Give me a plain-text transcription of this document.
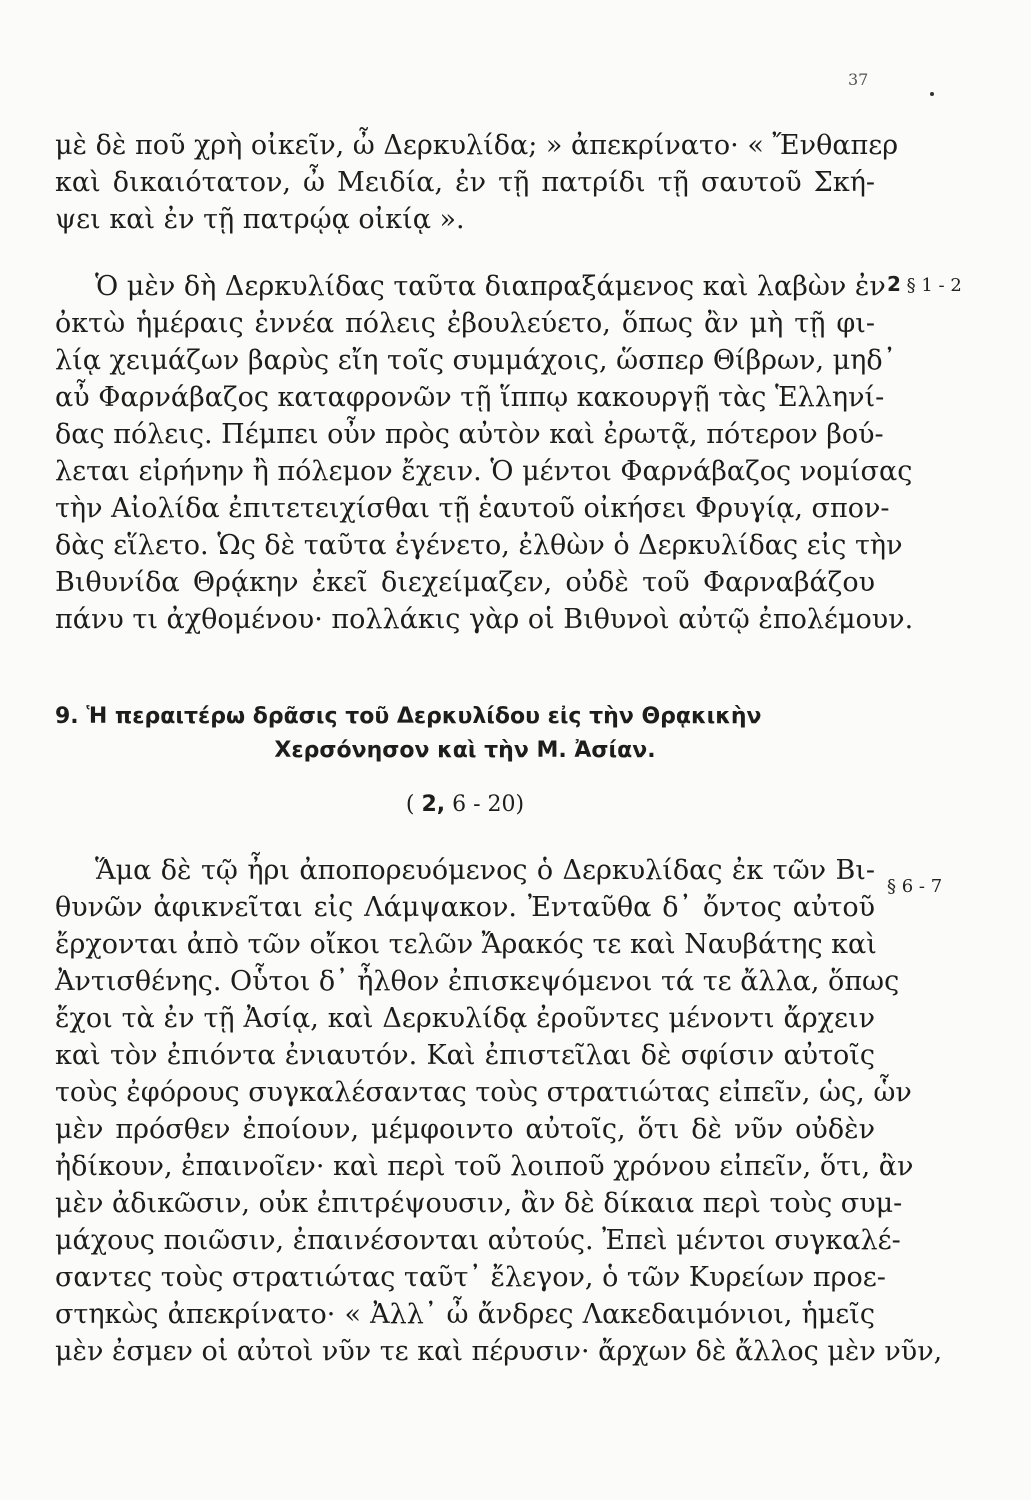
37
μὲ δὲ ποῦ χρὴ οἰκεῖν, ὦ Δερκυλίδα; » ἀπεκρίνατο· « Ἔνθαπερ
καὶ δικαιότατον, ὦ Μειδία, ἐν τῇ πατρίδι τῇ σαυτοῦ Σκή-
ψει καὶ ἐν τῇ πατρῴᾳ οἰκίᾳ ».
Ὁ μὲν δὴ Δερκυλίδας ταῦτα διαπραξάμενος καὶ λαβὼν ἐν
ὀκτὼ ἡμέραις ἐννέα πόλεις ἐβουλεύετο, ὅπως ἂν μὴ τῇ φι-
λίᾳ χειμάζων βαρὺς εἴη τοῖς συμμάχοις, ὥσπερ Θίβρων, μηδ᾽
αὖ Φαρνάβαζος καταφρονῶν τῇ ἵππῳ κακουργῇ τὰς Ἑλληνί-
δας πόλεις. Πέμπει οὖν πρὸς αὐτὸν καὶ ἐρωτᾷ, πότερον βού-
λεται εἰρήνην ἢ πόλεμον ἔχειν. Ὁ μέντοι Φαρνάβαζος νομίσας
τὴν Αἰολίδα ἐπιτετειχίσθαι τῇ ἑαυτοῦ οἰκήσει Φρυγίᾳ, σπον-
δὰς εἵλετο. Ὡς δὲ ταῦτα ἐγένετο, ἐλθὼν ὁ Δερκυλίδας εἰς τὴν
Βιθυνίδα Θρᾴκην ἐκεῖ διεχείμαζεν, οὐδὲ τοῦ Φαρναβάζου
πάνυ τι ἀχθομένου· πολλάκις γὰρ οἱ Βιθυνοὶ αὐτῷ ἐπολέμουν.
2 § 1 - 2
9. Ἡ περαιτέρω δρᾶσις τοῦ Δερκυλίδου εἰς τὴν Θρᾳκικὴν
Χερσόνησον καὶ τὴν Μ. Ἀσίαν.
( 2, 6 - 20)
Ἅμα δὲ τῷ ἦρι ἀποπορευόμενος ὁ Δερκυλίδας ἐκ τῶν Βι-
θυνῶν ἀφικνεῖται εἰς Λάμψακον. Ἐνταῦθα δ᾽ ὄντος αὐτοῦ
ἔρχονται ἀπὸ τῶν οἴκοι τελῶν Ἄρακός τε καὶ Ναυβάτης καὶ
Ἀντισθένης. Οὗτοι δ᾽ ἦλθον ἐπισκεψόμενοι τά τε ἄλλα, ὅπως
ἔχοι τὰ ἐν τῇ Ἀσίᾳ, καὶ Δερκυλίδᾳ ἐροῦντες μένοντι ἄρχειν
καὶ τὸν ἐπιόντα ἐνιαυτόν. Καὶ ἐπιστεῖλαι δὲ σφίσιν αὐτοῖς
τοὺς ἐφόρους συγκαλέσαντας τοὺς στρατιώτας εἰπεῖν, ὡς, ὧν
μὲν πρόσθεν ἐποίουν, μέμφοιντο αὐτοῖς, ὅτι δὲ νῦν οὐδὲν
ἠδίκουν, ἐπαινοῖεν· καὶ περὶ τοῦ λοιποῦ χρόνου εἰπεῖν, ὅτι, ἂν
μὲν ἀδικῶσιν, οὐκ ἐπιτρέψουσιν, ἂν δὲ δίκαια περὶ τοὺς συμ-
μάχους ποιῶσιν, ἐπαινέσονται αὐτούς. Ἐπεὶ μέντοι συγκαλέ-
σαντες τοὺς στρατιώτας ταῦτ᾽ ἔλεγον, ὁ τῶν Κυρείων προε-
στηκὼς ἀπεκρίνατο· « Ἀλλ᾽ ὦ ἄνδρες Λακεδαιμόνιοι, ἡμεῖς
μὲν ἐσμεν οἱ αὐτοὶ νῦν τε καὶ πέρυσιν· ἄρχων δὲ ἄλλος μὲν νῦν,
§ 6 - 7
